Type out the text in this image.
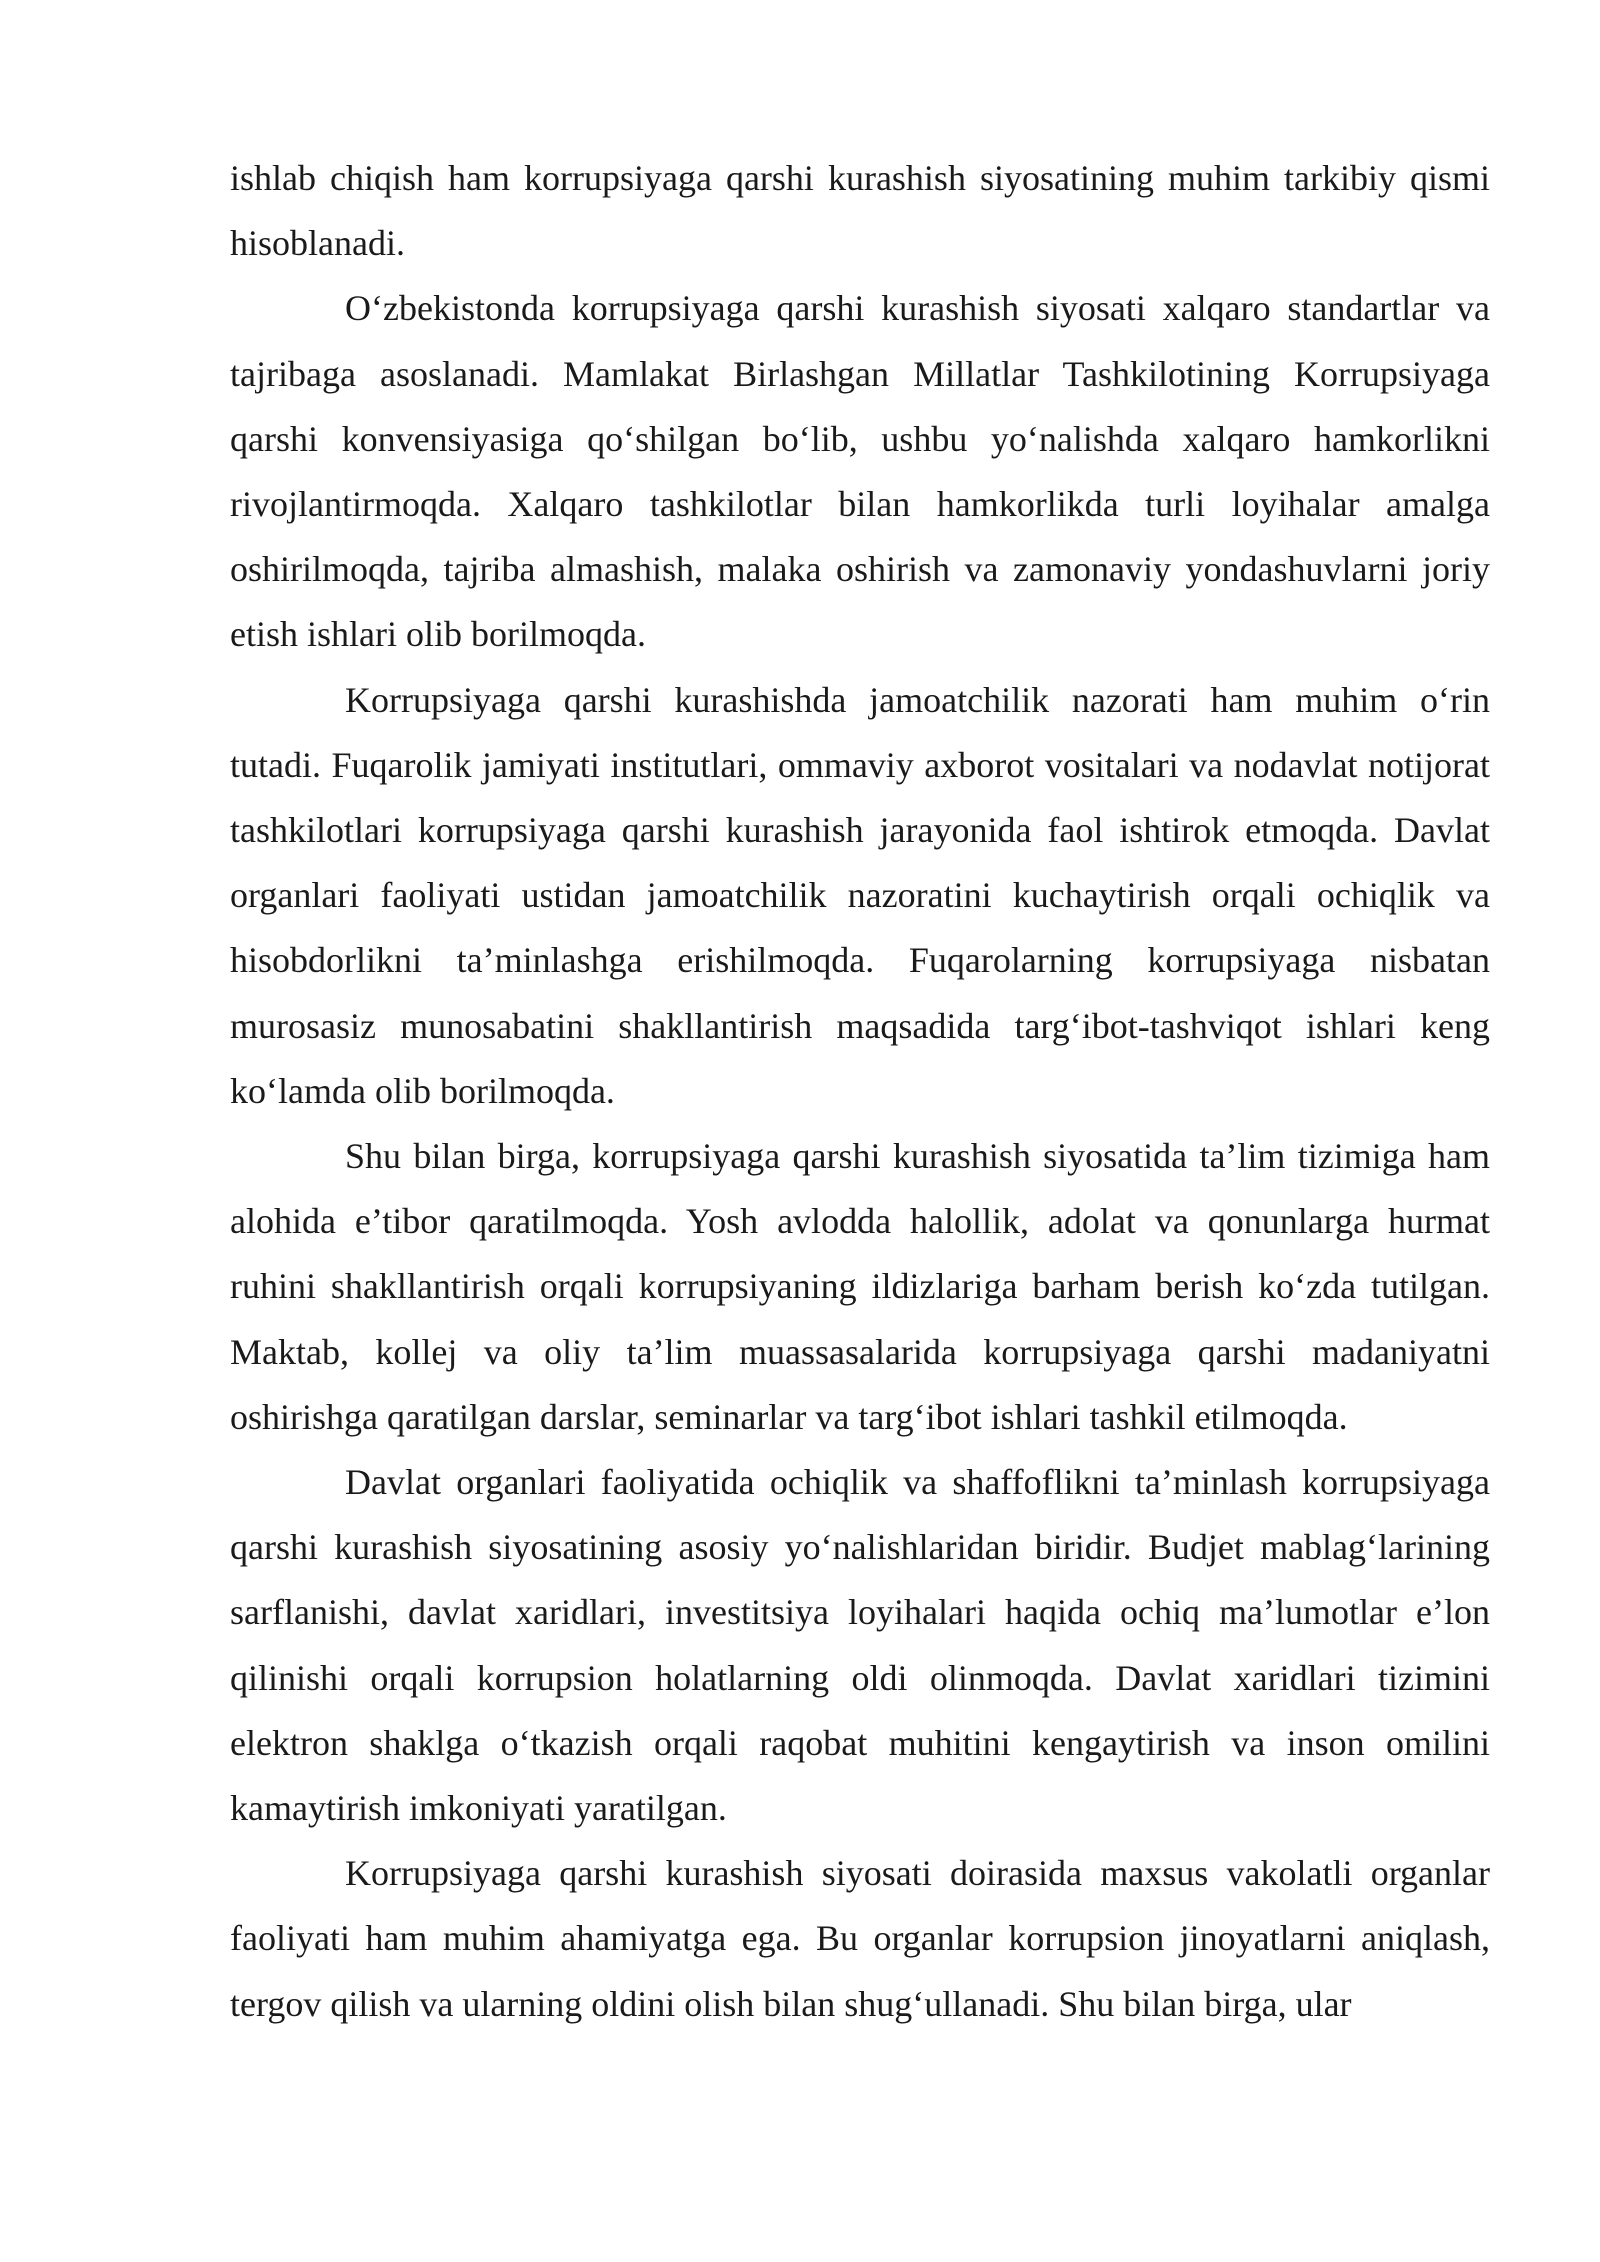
ishlab chiqish ham korrupsiyaga qarshi kurashish siyosatining muhim tarkibiy qismi hisoblanadi.

O‘zbekistonda korrupsiyaga qarshi kurashish siyosati xalqaro standartlar va tajribaga asoslanadi. Mamlakat Birlashgan Millatlar Tashkilotining Korrupsiyaga qarshi konvensiyasiga qo‘shilgan bo‘lib, ushbu yo‘nalishda xalqaro hamkorlikni rivojlantirmoqda. Xalqaro tashkilotlar bilan hamkorlikda turli loyihalar amalga oshirilmoqda, tajriba almashish, malaka oshirish va zamonaviy yondashuvlarni joriy etish ishlari olib borilmoqda.

Korrupsiyaga qarshi kurashishda jamoatchilik nazorati ham muhim o‘rin tutadi. Fuqarolik jamiyati institutlari, ommaviy axborot vositalari va nodavlat notijorat tashkilotlari korrupsiyaga qarshi kurashish jarayonida faol ishtirok etmoqda. Davlat organlari faoliyati ustidan jamoatchilik nazoratini kuchaytirish orqali ochiqlik va hisobdorlikni ta’minlashga erishilmoqda. Fuqarolarning korrupsiyaga nisbatan murosasiz munosabatini shakllantirish maqsadida targ‘ibot-tashviqot ishlari keng ko‘lamda olib borilmoqda.

Shu bilan birga, korrupsiyaga qarshi kurashish siyosatida ta’lim tizimiga ham alohida e’tibor qaratilmoqda. Yosh avlodda halollik, adolat va qonunlarga hurmat ruhini shakllantirish orqali korrupsiyaning ildizlariga barham berish ko‘zda tutilgan. Maktab, kollej va oliy ta’lim muassasalarida korrupsiyaga qarshi madaniyatni oshirishga qaratilgan darslar, seminarlar va targ‘ibot ishlari tashkil etilmoqda.

Davlat organlari faoliyatida ochiqlik va shaffoflikni ta’minlash korrupsiyaga qarshi kurashish siyosatining asosiy yo‘nalishlaridan biridir. Budjet mablag‘larining sarflanishi, davlat xaridlari, investitsiya loyihalari haqida ochiq ma’lumotlar e’lon qilinishi orqali korrupsion holatlarning oldi olinmoqda. Davlat xaridlari tizimini elektron shaklga o‘tkazish orqali raqobat muhitini kengaytirish va inson omilini kamaytirish imkoniyati yaratilgan.

Korrupsiyaga qarshi kurashish siyosati doirasida maxsus vakolatli organlar faoliyati ham muhim ahamiyatga ega. Bu organlar korrupsion jinoyatlarni aniqlash, tergov qilish va ularning oldini olish bilan shug‘ullanadi. Shu bilan birga, ular
